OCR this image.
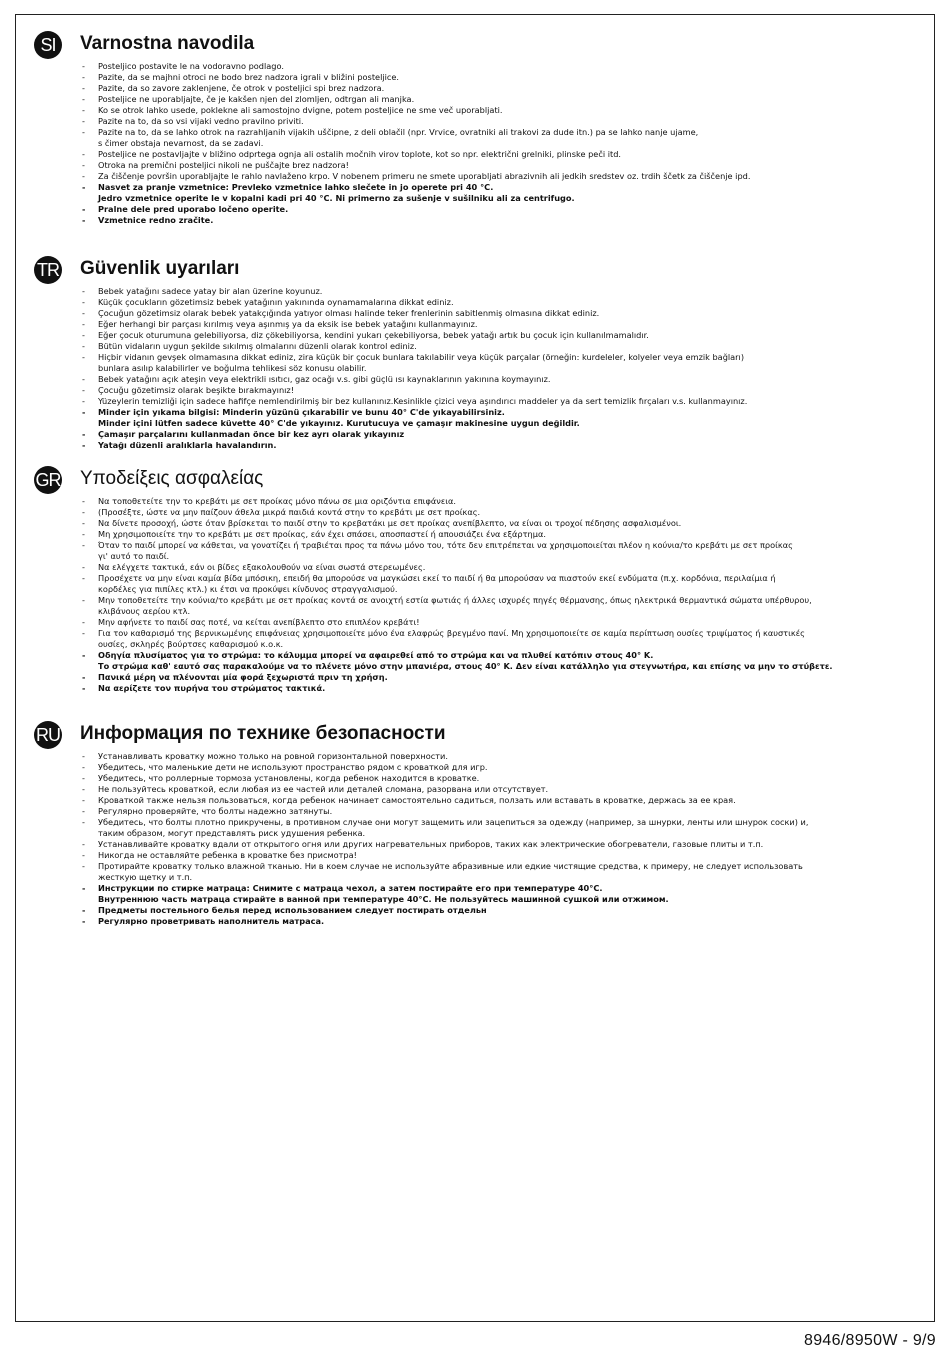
SI	Varnostna navodila
- Posteljico postavite le na vodoravno podlago.
- Pazite, da se majhni otroci ne bodo brez nadzora igrali v bližini posteljice.
- Pazite, da so zavore zaklenjene, če otrok v posteljici spi brez nadzora.
- Posteljice ne uporabljajte, če je kakšen njen del zlomljen, odtrgan ali manjka.
- Ko se otrok lahko usede, poklekne ali samostojno dvigne, potem posteljice ne sme več uporabljati.
- Pazite na to, da so vsi vijaki vedno pravilno priviti.
- Pazite na to, da se lahko otrok na razrahljanih vijakih uščipne, z deli oblačil (npr. Vrvice, ovratniki ali trakovi za dude itn.) pa se lahko nanje ujame,
s čimer obstaja nevarnost, da se zadavi.
- Posteljice ne postavljajte v bližino odprtega ognja ali ostalih močnih virov toplote, kot so npr. električni grelniki, plinske peči itd.
- Otroka na premični posteljici nikoli ne puščajte brez nadzora!
- Za čiščenje površin uporabljajte le rahlo navlaženo krpo. V nobenem primeru ne smete uporabljati abrazivnih ali jedkih sredstev oz. trdih ščetk za čiščenje ipd.
- Nasvet za pranje vzmetnice: Prevleko vzmetnice lahko slečete in jo operete pri 40 °C.
Jedro vzmetnice operite le v kopalni kadi pri 40 °C. Ni primerno za sušenje v sušilniku ali za centrifugo.
- Pralne dele pred uporabo ločeno operite.
- Vzmetnice redno zračite.
TR Güvenlik uyarıları
- Bebek yatağını sadece yatay bir alan üzerine koyunuz.
- Küçük çocukların gözetimsiz bebek yatağının yakınında oynamamalarına dikkat ediniz.
- Çocuğun gözetimsiz olarak bebek yatakçığında yatıyor olması halinde teker frenlerinin sabitlenmiş olmasına dikkat ediniz.
- Eğer herhangi bir parçası kırılmış veya aşınmış ya da eksik ise bebek yatağını kullanmayınız.
- Eğer çocuk oturumuna gelebiliyorsa, diz çökebiliyorsa, kendini yukarı çekebiliyorsa, bebek yatağı artık bu çocuk için kullanılmamalıdır.
- Bütün vidaların uygun şekilde sıkılmış olmalarını düzenli olarak kontrol ediniz.
- Hiçbir vidanın gevşek olmamasına dikkat ediniz, zira küçük bir çocuk bunlara takılabilir veya küçük parçalar (örneğin: kurdeleler, kolyeler veya emzik bağları)
bunlara asılıp kalabilirler ve boğulma tehlikesi söz konusu olabilir.
- Bebek yatağını açık ateşin veya elektrikli ısıtıcı, gaz ocağı v.s. gibi güçlü ısı kaynaklarının yakınına koymayınız.
- Çocuğu gözetimsiz olarak beşikte bırakmayınız!
- Yüzeylerin temizliği için sadece hafifçe nemlendirilmiş bir bez kullanınız.Kesinlikle çizici veya aşındırıcı maddeler ya da sert temizlik fırçaları v.s. kullanmayınız.
- Minder için yıkama bilgisi: Minderin yüzünü çıkarabilir ve bunu 40° C'de yıkayabilirsiniz.
Minder içini lütfen sadece küvette 40° C'de yıkayınız. Kurutucuya ve çamaşır makinesine uygun değildir.
- Çamaşır parçalarını kullanmadan önce bir kez ayrı olarak yıkayınız
- Yatağı düzenli aralıklarla havalandırın.
GR Υποδείξεις ασφαλείας
- Να τοποθετείτε την το κρεβάτι με σετ προίκας μόνο πάνω σε μια οριζόντια επιφάνεια.
- (Προσέξτε, ώστε να μην παίζουν άθελα μικρά παιδιά κοντά στην το κρεβάτι με σετ προίκας.
- Να δίνετε προσοχή, ώστε όταν βρίσκεται το παιδί στην το κρεβατάκι με σετ προίκας ανεπίβλεπτο, να είναι οι τροχοί πέδησης ασφαλισμένοι.
- Μη χρησιμοποιείτε την το κρεβάτι με σετ προίκας, εάν έχει σπάσει, αποσπαστεί ή απουσιάζει ένα εξάρτημα.
- Όταν το παιδί μπορεί να κάθεται, να γονατίζει ή τραβιέται προς τα πάνω μόνο του, τότε δεν επιτρέπεται να χρησιμοποιείται πλέον η κούνια/το κρεβάτι με σετ προίκας
γι' αυτό το παιδί.
- Να ελέγχετε τακτικά, εάν οι βίδες εξακολουθούν να είναι σωστά στερεωμένες.
- Προσέχετε να μην είναι καμία βίδα μπόσικη, επειδή θα μπορούσε να μαγκώσει εκεί το παιδί ή θα μπορούσαν να πιαστούν εκεί ενδύματα (π.χ. κορδόνια, περιλαίμια ή
κορδέλες για πιπίλες κτλ.) κι έτσι να προκύψει κίνδυνος στραγγαλισμού.
- Μην τοποθετείτε την κούνια/το κρεβάτι με σετ προίκας κοντά σε ανοιχτή εστία φωτιάς ή άλλες ισχυρές πηγές θέρμανσης, όπως ηλεκτρικά θερμαντικά σώματα υπέρθυρου,
κλιβάνους αερίου κτλ.
- Μην αφήνετε το παιδί σας ποτέ, να κείται ανεπίβλεπτο στο επιπλέον κρεβάτι!
- Για τον καθαρισμό της βερνικωμένης επιφάνειας χρησιμοποιείτε μόνο ένα ελαφρώς βρεγμένο πανί. Μη χρησιμοποιείτε σε καμία περίπτωση ουσίες τριψίματος ή καυστικές
ουσίες, σκληρές βούρτσες καθαρισμού κ.ο.κ.
- Οδηγία πλυσίματος για το στρώμα: το κάλυμμα μπορεί να αφαιρεθεί από το στρώμα και να πλυθεί κατόπιν στους 40° K.
Το στρώμα καθ' εαυτό σας παρακαλούμε να το πλένετε μόνο στην μπανιέρα, στους 40° K. Δεν είναι κατάλληλο για στεγνωτήρα, και επίσης να μην το στύβετε.
- Πανικά μέρη να πλένονται μία φορά ξεχωριστά πριν τη χρήση.
- Να αερίζετε τον πυρήνα του στρώματος τακτικά.
RU Информация по технике безопасности
- Устанавливать кроватку можно только на ровной горизонтальной поверхности.
- Убедитесь, что маленькие дети не используют пространство рядом с кроваткой для игр.
- Убедитесь, что роллерные тормоза установлены, когда ребенок находится в кроватке.
- Не пользуйтесь кроваткой, если любая из ее частей или деталей сломана, разорвана или отсутствует.
- Кроваткой также нельзя пользоваться, когда ребенок начинает самостоятельно садиться, ползать или вставать в кроватке, держась за ее края.
- Регулярно проверяйте, что болты надежно затянуты.
- Убедитесь, что болты плотно прикручены, в противном случае они могут защемить или зацепиться за одежду (например, за шнурки, ленты или шнурок соски) и,
таким образом, могут представлять риск удушения ребенка.
- Устанавливайте кроватку вдали от открытого огня или других нагревательных приборов, таких как электрические обогреватели, газовые плиты и т.п.
- Никогда не оставляйте ребенка в кроватке без присмотра!
- Протирайте кроватку только влажной тканью. Ни в коем случае не используйте абразивные или едкие чистящие средства, к примеру, не следует использовать
жесткую щетку и т.п.
- Инструкции по стирке матраца: Снимите с матраца чехол, а затем постирайте его при температуре 40°С.
Внутреннюю часть матраца стирайте в ванной при температуре 40°С. Не пользуйтесь машинной сушкой или отжимом.
- Предметы постельного белья перед использованием следует постирать отдельн
- Регулярно проветривать наполнитель матраса.
8946/8950W - 9/9
